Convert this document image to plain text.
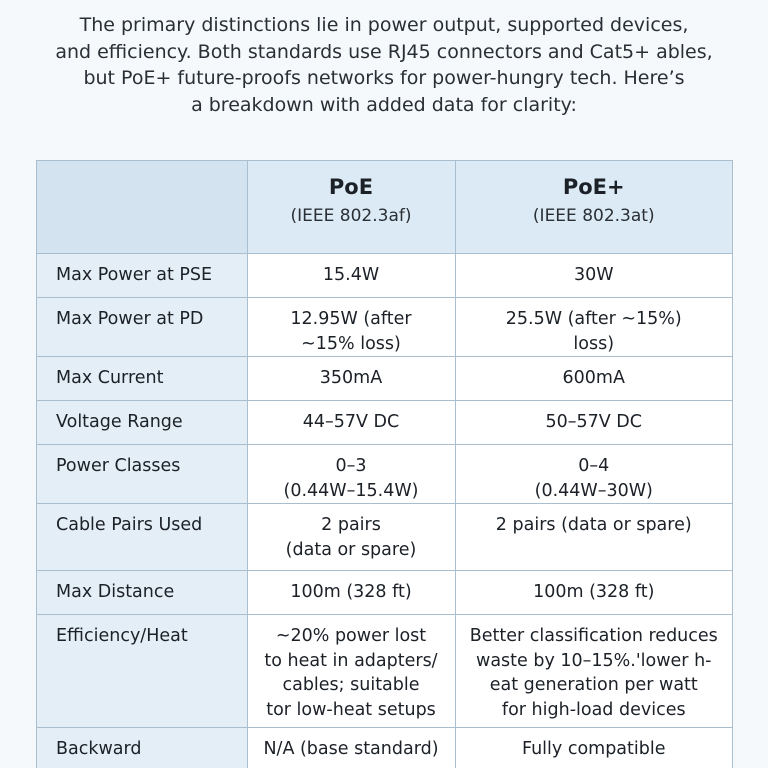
The primary distinctions lie in power output, supported devices,
and efficiency. Both standards use RJ45 connectors and Cat5+ ables,
but PoE+ future-proofs networks for power-hungry tech. Here’s
a breakdown with added data for clarity:

	PoE
(IEEE 802.3af)	PoE+
(IEEE 802.3at)

Max Power at PSE	15.4W	30W

Max Power at PD	12.95W (after
~15% loss)	25.5W (after ~15%)
loss)

Max Current	350mA	600mA

Voltage Range	44–57V DC	50–57V DC

Power Classes	0–3
(0.44W–15.4W)	0–4
(0.44W–30W)

Cable Pairs Used	2 pairs
(data or spare)	2 pairs (data or spare)

Max Distance	100m (328 ft)	100m (328 ft)

Efficiency/Heat	~20% power lost
to heat in adapters/
cables; suitable
tor low-heat setups	Better classification reduces
waste by 10–15%.'lower h-
eat generation per watt
for high-load devices

Backward	N/A (base standard)	Fully compatible
